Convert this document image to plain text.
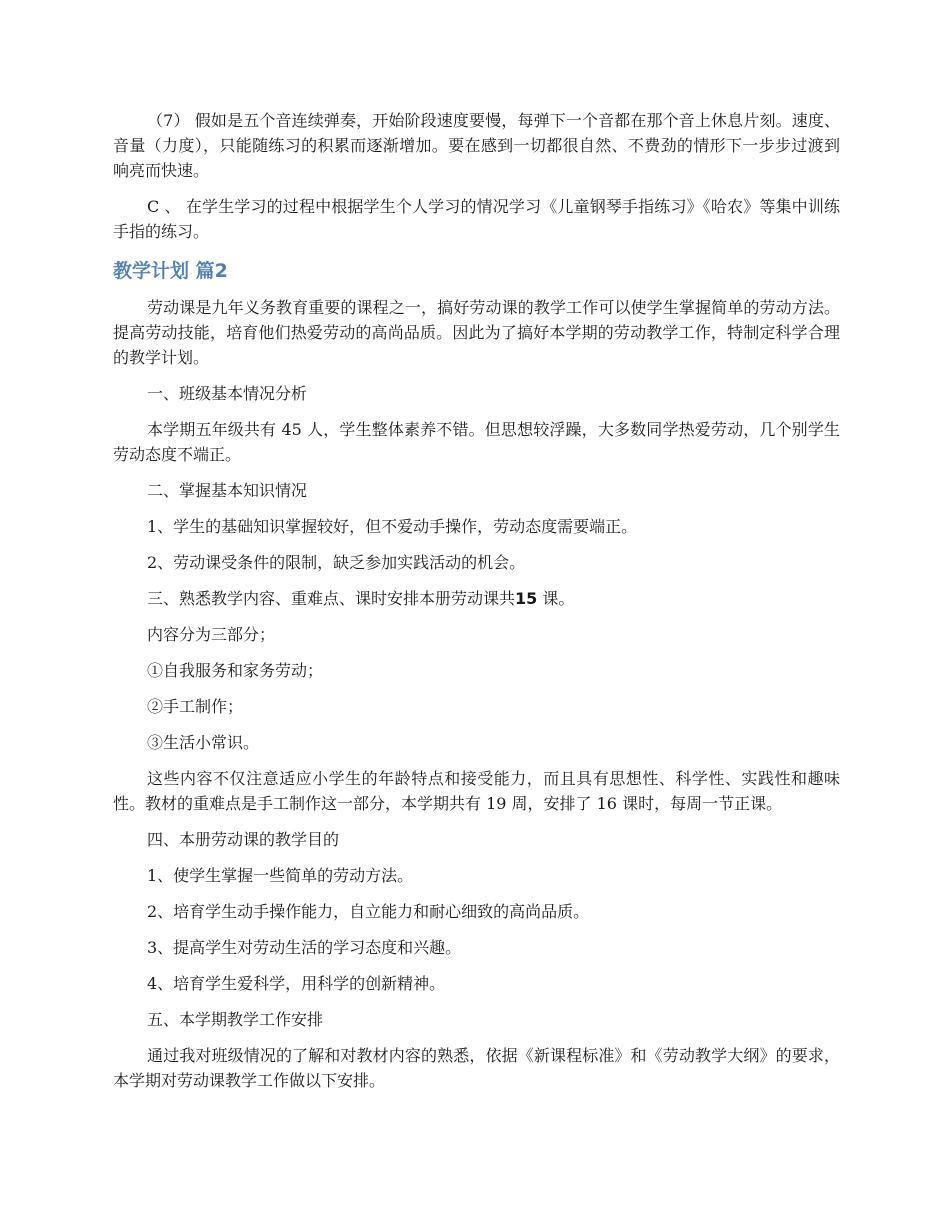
（7） 假如是五个音连续弹奏，开始阶段速度要慢，每弹下一个音都在那个音上休息片刻。速度、音量（力度），只能随练习的积累而逐渐增加。要在感到一切都很自然、不费劲的情形下一步步过渡到响亮而快速。

C 、 在学生学习的过程中根据学生个人学习的情况学习《儿童钢琴手指练习》《哈农》等集中训练手指的练习。

教学计划 篇2

劳动课是九年义务教育重要的课程之一，搞好劳动课的教学工作可以使学生掌握简单的劳动方法。提高劳动技能，培育他们热爱劳动的高尚品质。因此为了搞好本学期的劳动教学工作，特制定科学合理的教学计划。

一、班级基本情况分析

本学期五年级共有 45 人，学生整体素养不错。但思想较浮躁，大多数同学热爱劳动，几个别学生劳动态度不端正。

二、掌握基本知识情况

1、学生的基础知识掌握较好，但不爱动手操作，劳动态度需要端正。

2、劳动课受条件的限制，缺乏参加实践活动的机会。

三、熟悉教学内容、重难点、课时安排本册劳动课共15 课。

内容分为三部分；

①自我服务和家务劳动；

②手工制作；

③生活小常识。

这些内容不仅注意适应小学生的年龄特点和接受能力，而且具有思想性、科学性、实践性和趣味性。教材的重难点是手工制作这一部分，本学期共有 19 周，安排了 16 课时，每周一节正课。

四、本册劳动课的教学目的

1、使学生掌握一些简单的劳动方法。

2、培育学生动手操作能力，自立能力和耐心细致的高尚品质。

3、提高学生对劳动生活的学习态度和兴趣。

4、培育学生爱科学，用科学的创新精神。

五、本学期教学工作安排

通过我对班级情况的了解和对教材内容的熟悉，依据《新课程标准》和《劳动教学大纲》的要求，本学期对劳动课教学工作做以下安排。
